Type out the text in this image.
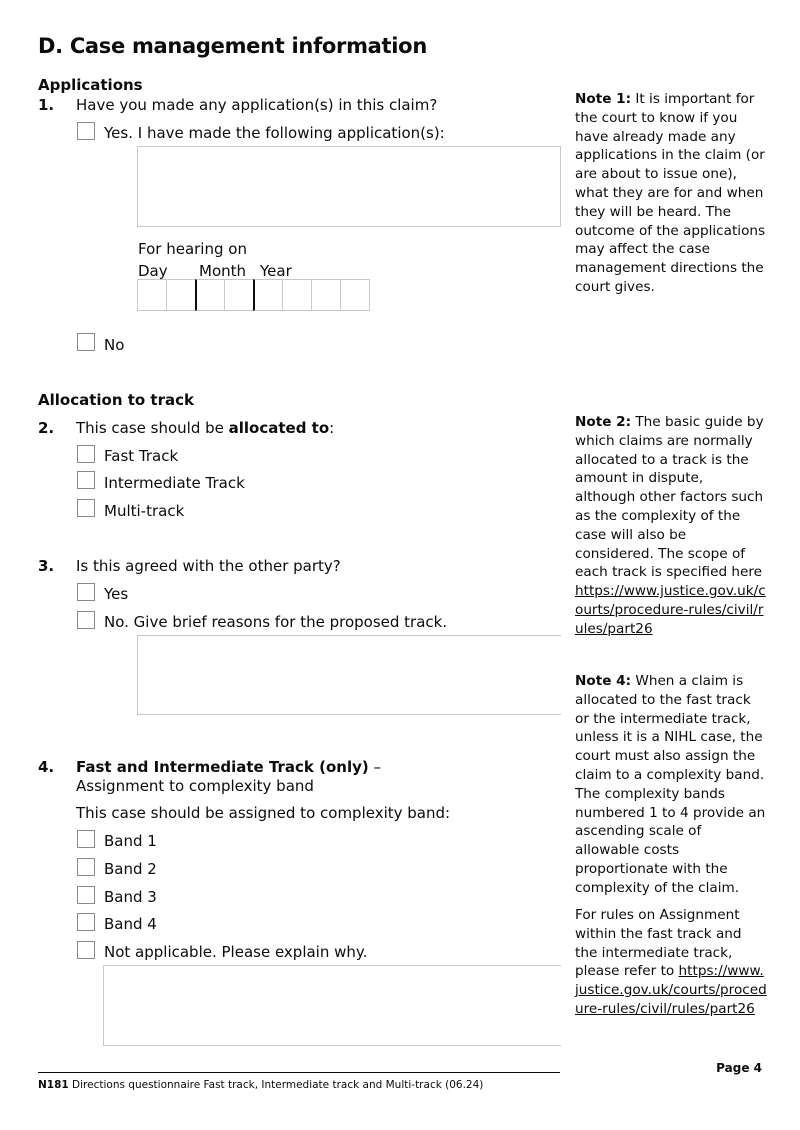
D. Case management information
Applications
1. Have you made any application(s) in this claim?
Yes. I have made the following application(s):
For hearing on
Day Month Year
No
Allocation to track
2. This case should be allocated to:
Fast Track
Intermediate Track
Multi-track
3. Is this agreed with the other party?
Yes
No. Give brief reasons for the proposed track.
4. Fast and Intermediate Track (only) –
Assignment to complexity band
This case should be assigned to complexity band:
Band 1
Band 2
Band 3
Band 4
Not applicable. Please explain why.
Note 1: It is important for the court to know if you have already made any applications in the claim (or are about to issue one), what they are for and when they will be heard. The outcome of the applications may affect the case management directions the court gives.
Note 2: The basic guide by which claims are normally allocated to a track is the amount in dispute, although other factors such as the complexity of the case will also be considered. The scope of each track is specified here https://www.justice.gov.uk/courts/procedure-rules/civil/rules/part26
Note 4: When a claim is allocated to the fast track or the intermediate track, unless it is a NIHL case, the court must also assign the claim to a complexity band. The complexity bands numbered 1 to 4 provide an ascending scale of allowable costs proportionate with the complexity of the claim.
For rules on Assignment within the fast track and the intermediate track, please refer to https://www.justice.gov.uk/courts/procedure-rules/civil/rules/part26
Page 4
N181 Directions questionnaire Fast track, Intermediate track and Multi-track (06.24)
